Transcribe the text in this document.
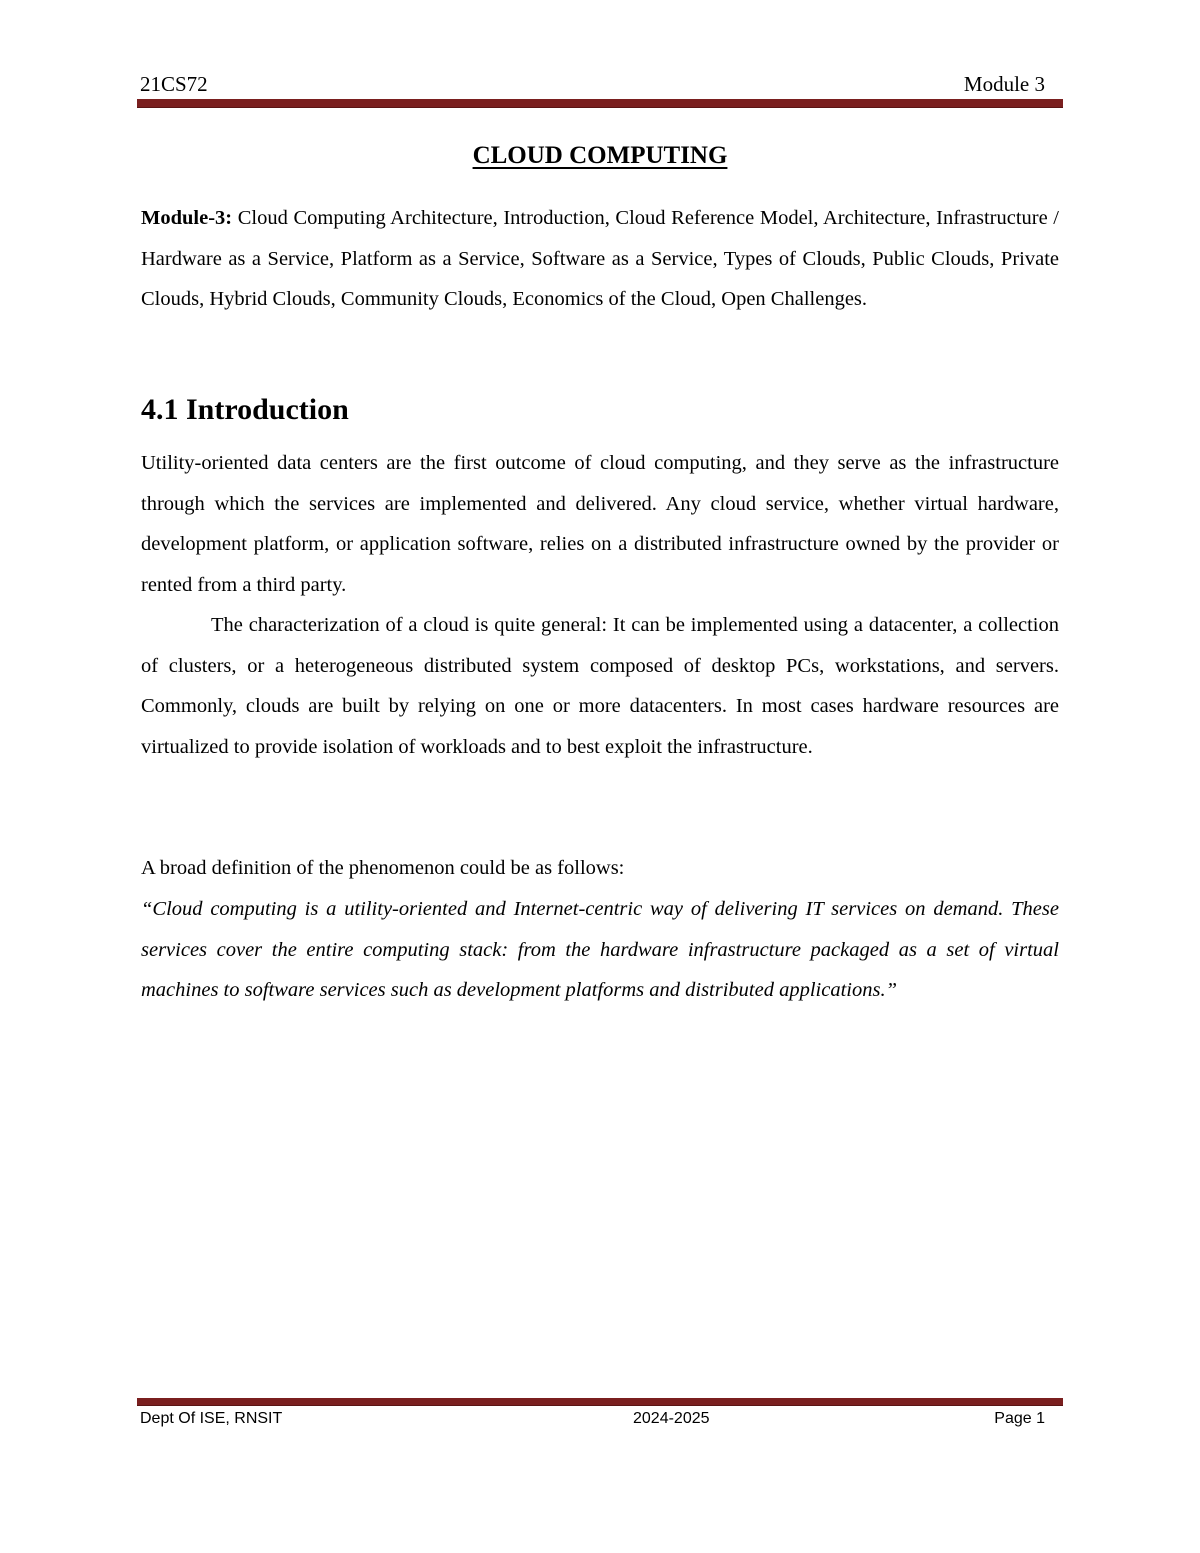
21CS72	Module 3
CLOUD COMPUTING
Module-3: Cloud Computing Architecture, Introduction, Cloud Reference Model, Architecture, Infrastructure / Hardware as a Service, Platform as a Service, Software as a Service, Types of Clouds, Public Clouds, Private Clouds, Hybrid Clouds, Community Clouds, Economics of the Cloud, Open Challenges.
4.1 Introduction
Utility-oriented data centers are the first outcome of cloud computing, and they serve as the infrastructure through which the services are implemented and delivered. Any cloud service, whether virtual hardware, development platform, or application software, relies on a distributed infrastructure owned by the provider or rented from a third party.
The characterization of a cloud is quite general: It can be implemented using a datacenter, a collection of clusters, or a heterogeneous distributed system composed of desktop PCs, workstations, and servers.     Commonly, clouds are built by relying on one or more datacenters. In most cases hardware resources are virtualized to provide isolation of workloads and to best exploit the infrastructure.
A broad definition of the phenomenon could be as follows:
“Cloud computing is a utility-oriented and Internet-centric way of delivering IT services on demand. These services cover the entire computing stack: from the hardware infrastructure packaged as a set of virtual machines to software services such as development platforms and distributed applications.”
Dept Of ISE, RNSIT	2024-2025	Page 1
